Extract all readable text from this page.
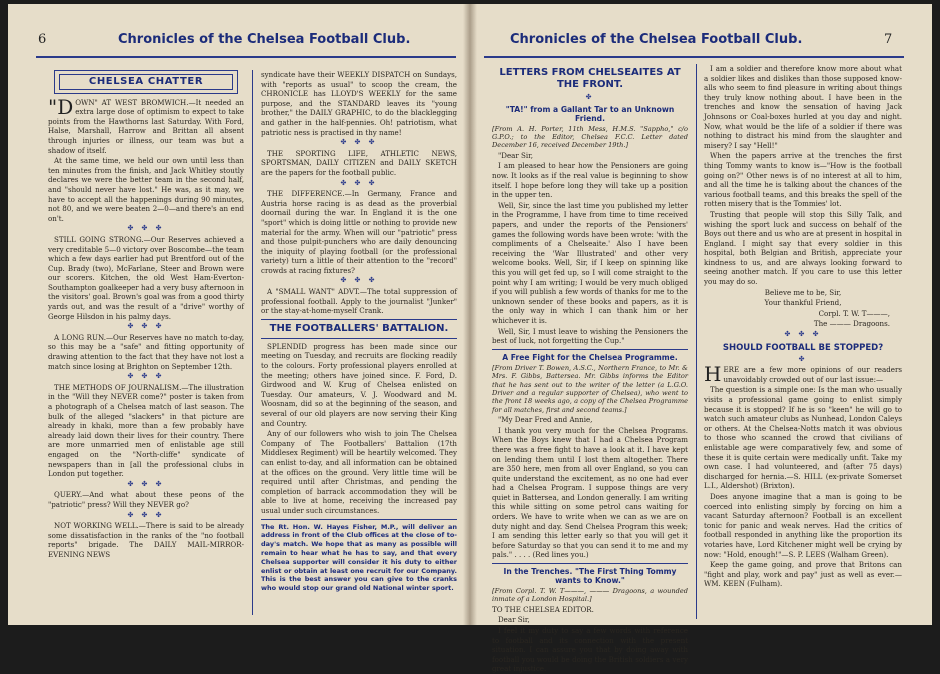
6	Chronicles of the Chelsea Football Club.
CHELSEA CHATTER

"DOWN" AT WEST BROMWICH.—It needed an extra large dose of optimism to expect to take points from the Hawthorns last Saturday. With Ford, Halse, Marshall, Harrow and Brittan all absent through injuries or illness, our team was but a shadow of itself.

At the same time, we held our own until less than ten minutes from the finish, and Jack Whitley stoutly declares we were the better team in the second half, and "should never have lost." He was, as it may, we have to accept all the happenings during 90 minutes, not 80, and we were beaten 2—0—and there's an end on't.

✤ ✤ ✤

STILL GOING STRONG.—Our Reserves achieved a very creditable 5—0 victory over Boscombe—the team which a few days earlier had put Brentford out of the Cup. Brady (two), McFarlane, Steer and Brown were our scorers. Kitchen, the old West Ham-Everton-Southampton goalkeeper had a very busy afternoon in the visitors' goal. Brown's goal was from a good thirty yards out, and was the result of a "drive" worthy of George Hilsdon in his palmy days.

✤ ✤ ✤

A LONG RUN.—Our Reserves have no match to-day, so this may be a "safe" and fitting opportunity of drawing attention to the fact that they have not lost a match since losing at Brighton on September 12th.

✤ ✤ ✤

THE METHODS OF JOURNALISM.—The illustration in the "Will they NEVER come?" poster is taken from a photograph of a Chelsea match of last season. The bulk of the alleged "slackers" in that picture are already in khaki, more than a few probably have already laid down their lives for their country. There are more unmarried men of enlistable age still engaged on the "North-cliffe" syndicate of newspapers than in [all the professional clubs in London put together.

✤ ✤ ✤

QUERY.—And what about these peons of the "patriotic" press? Will they NEVER go?

✤ ✤ ✤

NOT WORKING WELL.—There is said to be already some dissatisfaction in the ranks of the "no football reports" brigade. The DAILY MAIL-MIRROR-EVENING NEWS

syndicate have their WEEKLY DISPATCH on Sundays, with "reports as usual" to scoop the cream, the CHRONICLE has LLOYD'S WEEKLY for the same purpose, and the STANDARD leaves its "young brother," the DAILY GRAPHIC, to do the blacklegging and gather in the half-pennies. Oh! patriotism, what patriotic ness is practised in thy name!

✤ ✤ ✤

THE SPORTING LIFE, ATHLETIC NEWS, SPORTSMAN, DAILY CITIZEN and DAILY SKETCH are the papers for the football public.

✤ ✤ ✤

THE DIFFERENCE.—In Germany, France and Austria horse racing is as dead as the proverbial doornail during the war. In England it is the one "sport" which is doing little or nothing to provide new material for the army. When will our "patriotic" press and those pulpit-punchers who are daily denouncing the iniquity of playing football (or the professional variety) turn a little of their attention to the "record" crowds at racing fixtures?

✤ ✤ ✤

A "SMALL WANT" ADVT.—The total suppression of professional football. Apply to the journalist "Junker" or the stay-at-home-myself Crank.

THE FOOTBALLERS' BATTALION.

SPLENDID progress has been made since our meeting on Tuesday, and recruits are flocking readily to the colours. Forty professional players enrolled at the meeting; others have joined since. F. Ford, D. Girdwood and W. Krug of Chelsea enlisted on Tuesday. Our amateurs, V. J. Woodward and M. Woosnam, did so at the beginning of the season, and several of our old players are now serving their King and Country.

Any of our followers who wish to join The Chelsea Company of The Footballers' Battalion (17th Middlesex Regiment) will be heartily welcomed. They can enlist to-day, and all information can be obtained at the offices on the ground. Very little time will be required until after Christmas, and pending the completion of barrack accommodation they will be able to live at home, receiving the increased pay usual under such circumstances.

The Rt. Hon. W. Hayes Fisher, M.P., will deliver an address in front of the Club offices at the close of to-day's match. We hope that as many as possible will remain to hear what he has to say, and that every Chelsea supporter will consider it his duty to either enlist or obtain at least one recruit for our Company. This is the best answer you can give to the cranks who would stop our grand old National winter sport.
Chronicles of the Chelsea Football Club.	7
LETTERS FROM CHELSEAITES AT THE FRONT.
✤
"TA!" from a Gallant Tar to an Unknown Friend.

[From A. H. Porter, 11th Mess, H.M.S. "Sappho," c/o G.P.O.; to the Editor, Chelsea F.C.C. Letter dated December 16, received December 19th.]

"Dear Sir,

I am pleased to hear how the Pensioners are going now. It looks as if the real value is beginning to show itself. I hope before long they will take up a position in the upper ten.

Well, Sir, since the last time you published my letter in the Programme, I have from time to time received papers, and under the reports of the Pensioners' games the following words have been wrote: 'with the compliments of a Chelseaite.' Also I have been receiving the 'War Illustrated' and other very welcome books. Well, Sir, if I keep on spinning like this you will get fed up, so I will come straight to the point why I am writing; I would be very much obliged if you will publish a few words of thanks for me to the unknown sender of these books and papers, as it is the only way in which I can thank him or her whichever it is.

Well, Sir, I must leave to wishing the Pensioners the best of luck, not forgetting the Cup."

A Free Fight for the Chelsea Programme.

[From Driver T. Bowen, A.S.C., Northern France, to Mr. & Mrs. F. Gibbs, Battersea. Mr. Gibbs informs the Editor that he has sent out to the writer of the letter (a L.G.O. Driver and a regular supporter of Chelsea), who went to the front 18 weeks ago, a copy of the Chelsea Programme for all matches, first and second teams.]

"My Dear Fred and Annie,

I thank you very much for the Chelsea Programs. When the Boys knew that I had a Chelsea Program there was a free fight to have a look at it. I have kept on lending them until I lost them altogether. There are 350 here, men from all over England, so you can quite understand the excitement, as no one had ever had a Chelsea Program. I suppose things are very quiet in Battersea, and London generally. I am writing this while sitting on some petrol cans waiting for orders. We have to write when we can as we are on duty night and day. Send Chelsea Program this week; I am sending this letter early so that you will get it before Saturday so that you can send it to me and my pals." . . . . (Red lines you.)

In the Trenches. "The First Thing Tommy wants to Know."

[From Corpl. T. W. T———, ——— Dragoons, a wounded inmate of a London Hospital.]

TO THE CHELSEA EDITOR.

Dear Sir,

I feel it my duty to say a few words with reference to football and its connection with the present situation. I can assure you that by doing away with football you would be doing the British soldiers a very great injustice.

I am a soldier and therefore know more about what a soldier likes and dislikes than those supposed know-alls who seem to find pleasure in writing about things they truly know nothing about. I have been in the trenches and know the sensation of having Jack Johnsons or Coal-boxes hurled at you day and night. Now, what would be the life of a soldier if there was nothing to distract his mind from the slaughter and misery? I say "Hell!"

When the papers arrive at the trenches the first thing Tommy wants to know is—"How is the football going on?" Other news is of no interest at all to him, and all the time he is talking about the chances of the various football teams, and this breaks the spell of the rotten misery that is the Tommies' lot.

Trusting that people will stop this Silly Talk, and wishing the sport luck and success on behalf of the Boys out there and us who are at present in hospital in England. I might say that every soldier in this hospital, both Belgian and British, appreciate your kindness to us, and are always looking forward to seeing another match. If you care to use this letter you may do so.

Believe me to be, Sir,

Your thankful Friend,

Corpl. T. W. T———,

The ——— Dragoons.

✤ ✤ ✤
SHOULD FOOTBALL BE STOPPED?
✤

HERE are a few more opinions of our readers unavoidably crowded out of our last issue:—

The question is a simple one: Is the man who usually visits a professional game going to enlist simply because it is stopped? If he is so "keen" he will go to watch such amateur clubs as Nunhead, London Caleys or others. At the Chelsea-Notts match it was obvious to those who scanned the crowd that civilians of enlistable age were comparatively few, and some of these it is quite certain were medically unfit. Take my own case. I had volunteered, and (after 75 days) discharged for hernia.—S. HILL (ex-private Somerset L.I., Aldershot) (Brixton).

Does anyone imagine that a man is going to be coerced into enlisting simply by forcing on him a vacant Saturday afternoon? Football is an excellent tonic for panic and weak nerves. Had the critics of football responded in anything like the proportion its votaries have, Lord Kitchener might well be crying by now: "Hold, enough!"—S. P. LEES (Walham Green).

Keep the game going, and prove that Britons can "fight and play, work and pay" just as well as ever.—WM. KEEN (Fulham).
